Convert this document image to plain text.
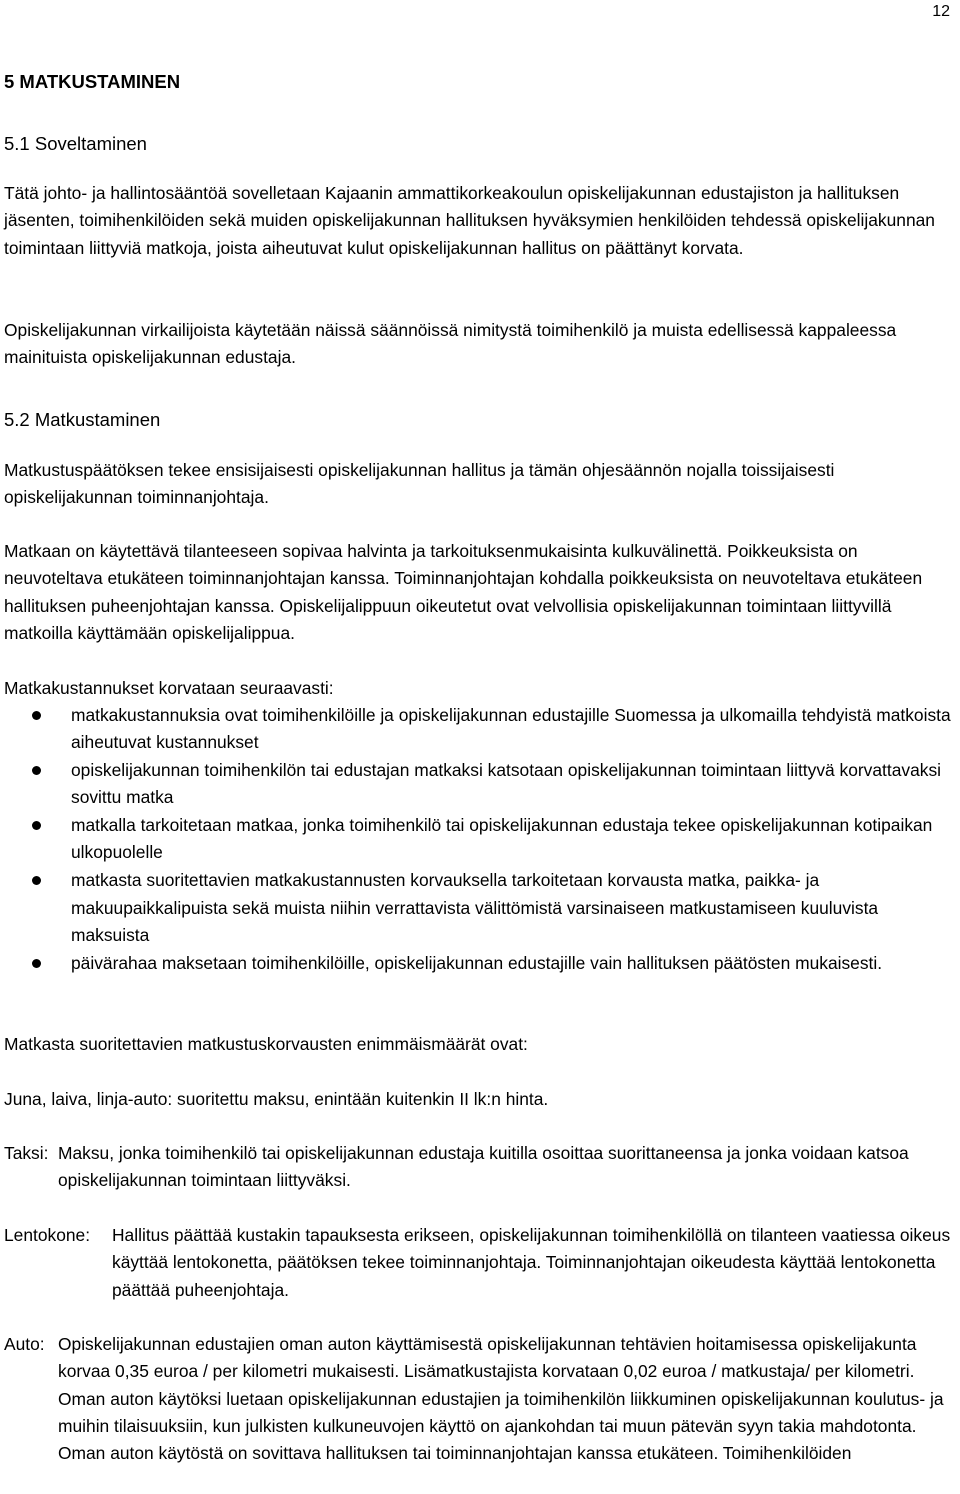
12
5 MATKUSTAMINEN
5.1 Soveltaminen

Tätä johto- ja hallintosääntöä sovelletaan Kajaanin ammattikorkeakoulun opiskelijakunnan edustajiston ja hallituksen jäsenten, toimihenkilöiden sekä muiden opiskelijakunnan hallituksen hyväksymien henkilöiden tehdessä opiskelijakunnan toimintaan liittyviä matkoja, joista aiheutuvat kulut opiskelijakunnan hallitus on päättänyt korvata.

Opiskelijakunnan virkailijoista käytetään näissä säännöissä nimitystä toimihenkilö ja muista edellisessä kappaleessa mainituista opiskelijakunnan edustaja.

5.2 Matkustaminen

Matkustuspäätöksen tekee ensisijaisesti opiskelijakunnan hallitus ja tämän ohjesäännön nojalla toissijaisesti opiskelijakunnan toiminnanjohtaja.

Matkaan on käytettävä tilanteeseen sopivaa halvinta ja tarkoituksenmukaisinta kulkuvälinettä. Poikkeuksista on neuvoteltava etukäteen toiminnanjohtajan kanssa. Toiminnanjohtajan kohdalla poikkeuksista on neuvoteltava etukäteen hallituksen puheenjohtajan kanssa. Opiskelijalippuun oikeutetut ovat velvollisia opiskelijakunnan toimintaan liittyvillä matkoilla käyttämään opiskelijalippua.

Matkakustannukset korvataan seuraavasti:

matkakustannuksia ovat toimihenkilöille ja opiskelijakunnan edustajille Suomessa ja ulkomailla tehdyistä matkoista aiheutuvat kustannukset
opiskelijakunnan toimihenkilön tai edustajan matkaksi katsotaan opiskelijakunnan toimintaan liittyvä korvattavaksi sovittu matka
matkalla tarkoitetaan matkaa, jonka toimihenkilö tai opiskelijakunnan edustaja tekee opiskelijakunnan kotipaikan ulkopuolelle
matkasta suoritettavien matkakustannusten korvauksella tarkoitetaan korvausta matka, paikka- ja makuupaikkalipuista sekä muista niihin verrattavista välittömistä varsinaiseen matkustamiseen kuuluvista maksuista
päivärahaa maksetaan toimihenkilöille, opiskelijakunnan edustajille vain hallituksen päätösten mukaisesti.

Matkasta suoritettavien matkustuskorvausten enimmäismäärät ovat:

Juna, laiva, linja-auto: suoritettu maksu, enintään kuitenkin II lk:n hinta.

Taksi: Maksu, jonka toimihenkilö tai opiskelijakunnan edustaja kuitilla osoittaa suorittaneensa ja jonka voidaan katsoa opiskelijakunnan toimintaan liittyväksi.
Lentokone:	Hallitus päättää kustakin tapauksesta erikseen, opiskelijakunnan toimihenkilöllä on tilanteen vaatiessa oikeus käyttää lentokonetta, päätöksen tekee toiminnanjohtaja. Toiminnanjohtajan oikeudesta käyttää lentokonetta päättää puheenjohtaja.
Auto: Opiskelijakunnan edustajien oman auton käyttämisestä opiskelijakunnan tehtävien hoitamisessa opiskelijakunta korvaa 0,35 euroa / per kilometri mukaisesti. Lisämatkustajista korvataan 0,02 euroa / matkustaja/ per kilometri. Oman auton käytöksi luetaan opiskelijakunnan edustajien ja toimihenkilön liikkuminen opiskelijakunnan koulutus- ja muihin tilaisuuksiin, kun julkisten kulkuneuvojen käyttö on ajankohdan tai muun pätevän syyn takia mahdotonta. Oman auton käytöstä on sovittava hallituksen tai toiminnanjohtajan kanssa etukäteen. Toimihenkilöiden
